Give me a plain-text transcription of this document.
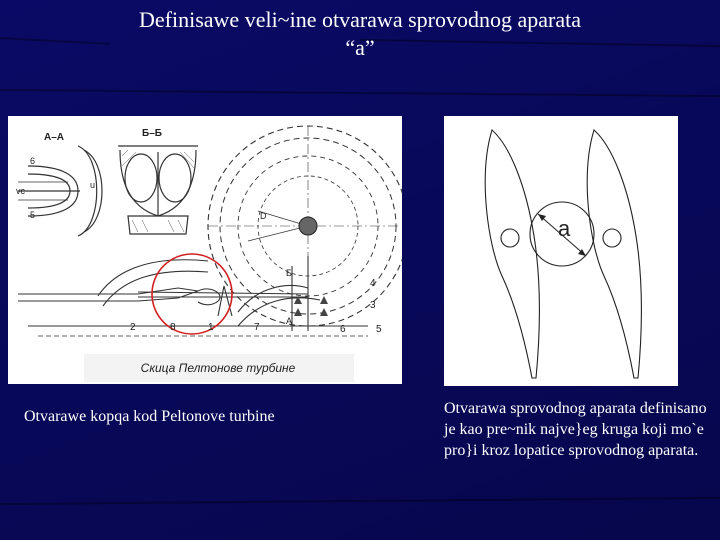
Definisawe veli~ine otvarawa sprovodnog aparata
“a”
A–A	Б–Б
vc
u
6
5	D
Б
A
4
3
2	8	1	7	6	5
Скица Пелтонове турбине
a
Otvarawe kopqa kod Peltonove turbine	Otvarawa sprovodnog aparata definisano je kao pre~nik najve}eg kruga koji mo`e pro}i kroz lopatice sprovodnog aparata.
